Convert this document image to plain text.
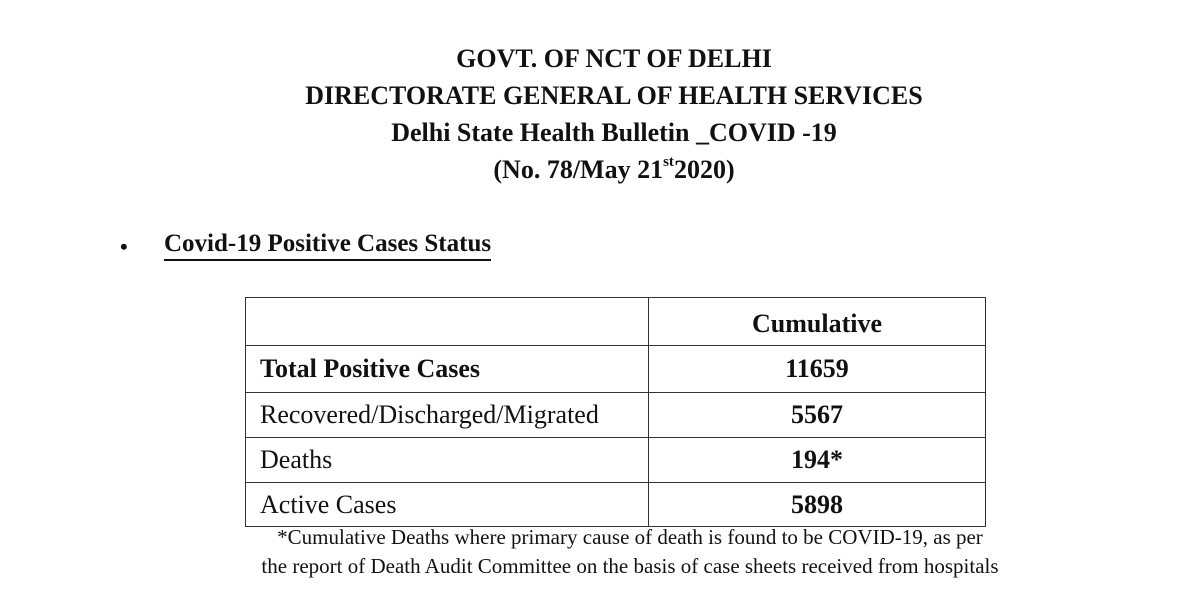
GOVT. OF NCT OF DELHI
DIRECTORATE GENERAL OF HEALTH SERVICES
Delhi State Health Bulletin _COVID -19
(No. 78/May 21st2020)
• Covid-19 Positive Cases Status
	Cumulative
Total Positive Cases	11659
Recovered/Discharged/Migrated	5567
Deaths	194*
Active Cases	5898
*Cumulative Deaths where primary cause of death is found to be COVID-19, as per
the report of Death Audit Committee on the basis of case sheets received from hospitals
